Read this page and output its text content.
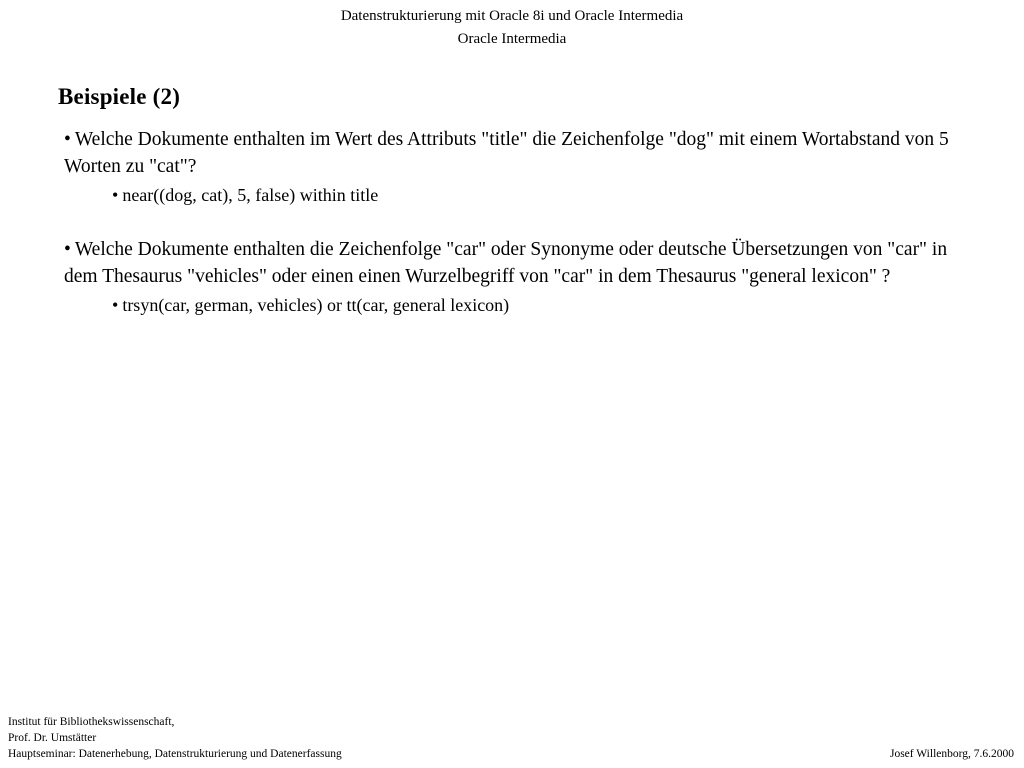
Datenstrukturierung mit Oracle 8i und Oracle Intermedia
Oracle Intermedia
Beispiele (2)
• Welche Dokumente enthalten im Wert des Attributs "title" die Zeichenfolge "dog" mit einem Wortabstand von 5 Worten zu "cat"?
• near((dog, cat), 5, false) within title
• Welche Dokumente enthalten die Zeichenfolge "car" oder Synonyme oder deutsche Übersetzungen von "car" in dem Thesaurus "vehicles" oder einen einen Wurzelbegriff von "car" in dem Thesaurus "general lexicon" ?
• trsyn(car, german, vehicles) or tt(car, general lexicon)
Institut für Bibliothekswissenschaft,
Prof. Dr. Umstätter
Hauptseminar: Datenerhebung, Datenstrukturierung und Datenerfassung	Josef Willenborg, 7.6.2000
